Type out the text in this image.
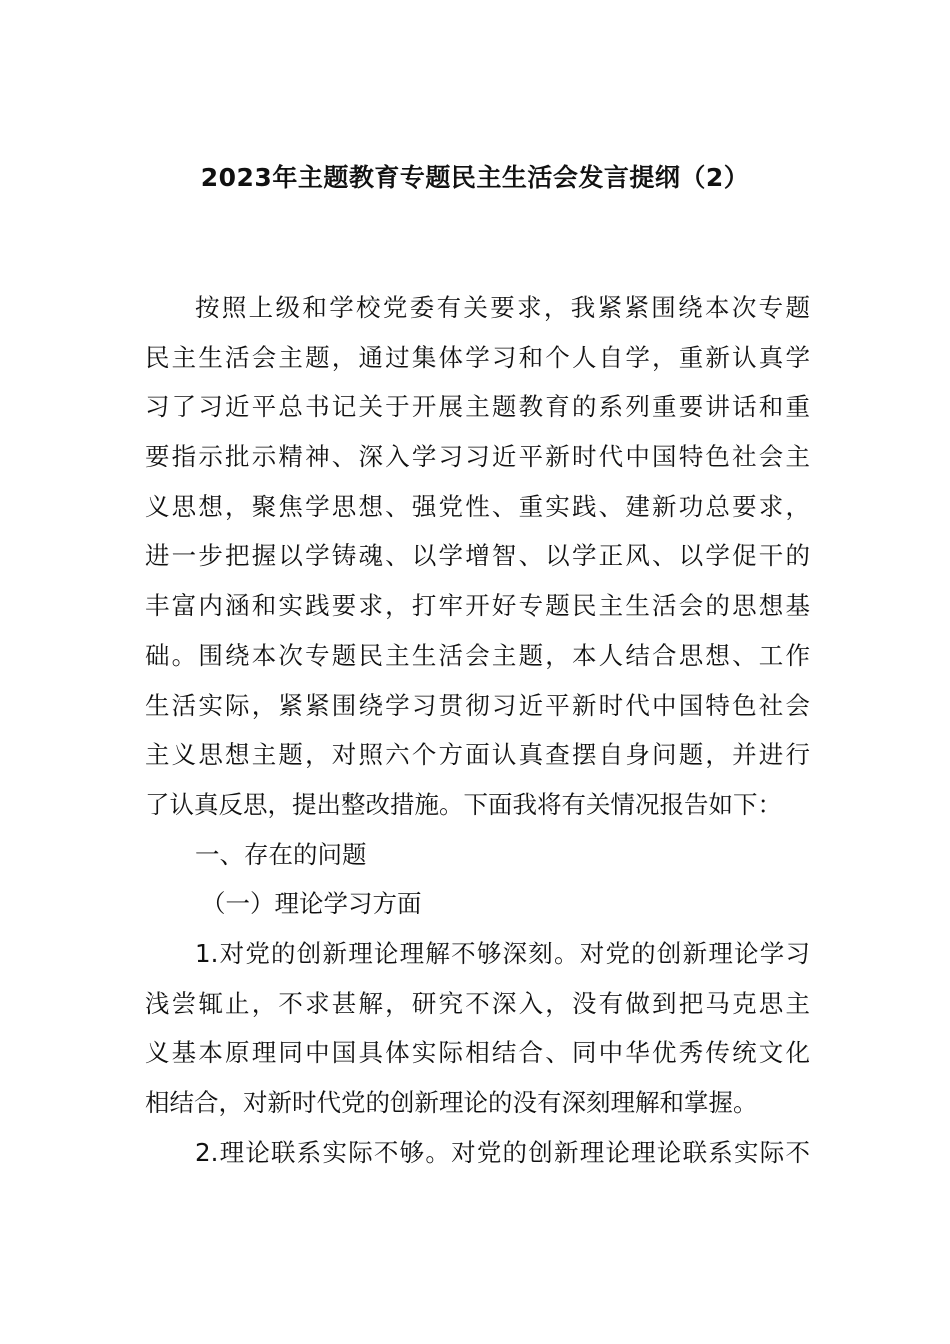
2023年主题教育专题民主生活会发言提纲（2）
按照上级和学校党委有关要求，我紧紧围绕本次专题
民主生活会主题，通过集体学习和个人自学，重新认真学
习了习近平总书记关于开展主题教育的系列重要讲话和重
要指示批示精神、深入学习习近平新时代中国特色社会主
义思想，聚焦学思想、强党性、重实践、建新功总要求，
进一步把握以学铸魂、以学增智、以学正风、以学促干的
丰富内涵和实践要求，打牢开好专题民主生活会的思想基
础。围绕本次专题民主生活会主题，本人结合思想、工作
生活实际，紧紧围绕学习贯彻习近平新时代中国特色社会
主义思想主题，对照六个方面认真查摆自身问题，并进行
了认真反思，提出整改措施。下面我将有关情况报告如下：
一、存在的问题
（一）理论学习方面
1.对党的创新理论理解不够深刻。对党的创新理论学习
浅尝辄止，不求甚解，研究不深入，没有做到把马克思主
义基本原理同中国具体实际相结合、同中华优秀传统文化
相结合，对新时代党的创新理论的没有深刻理解和掌握。
2.理论联系实际不够。对党的创新理论理论联系实际不
